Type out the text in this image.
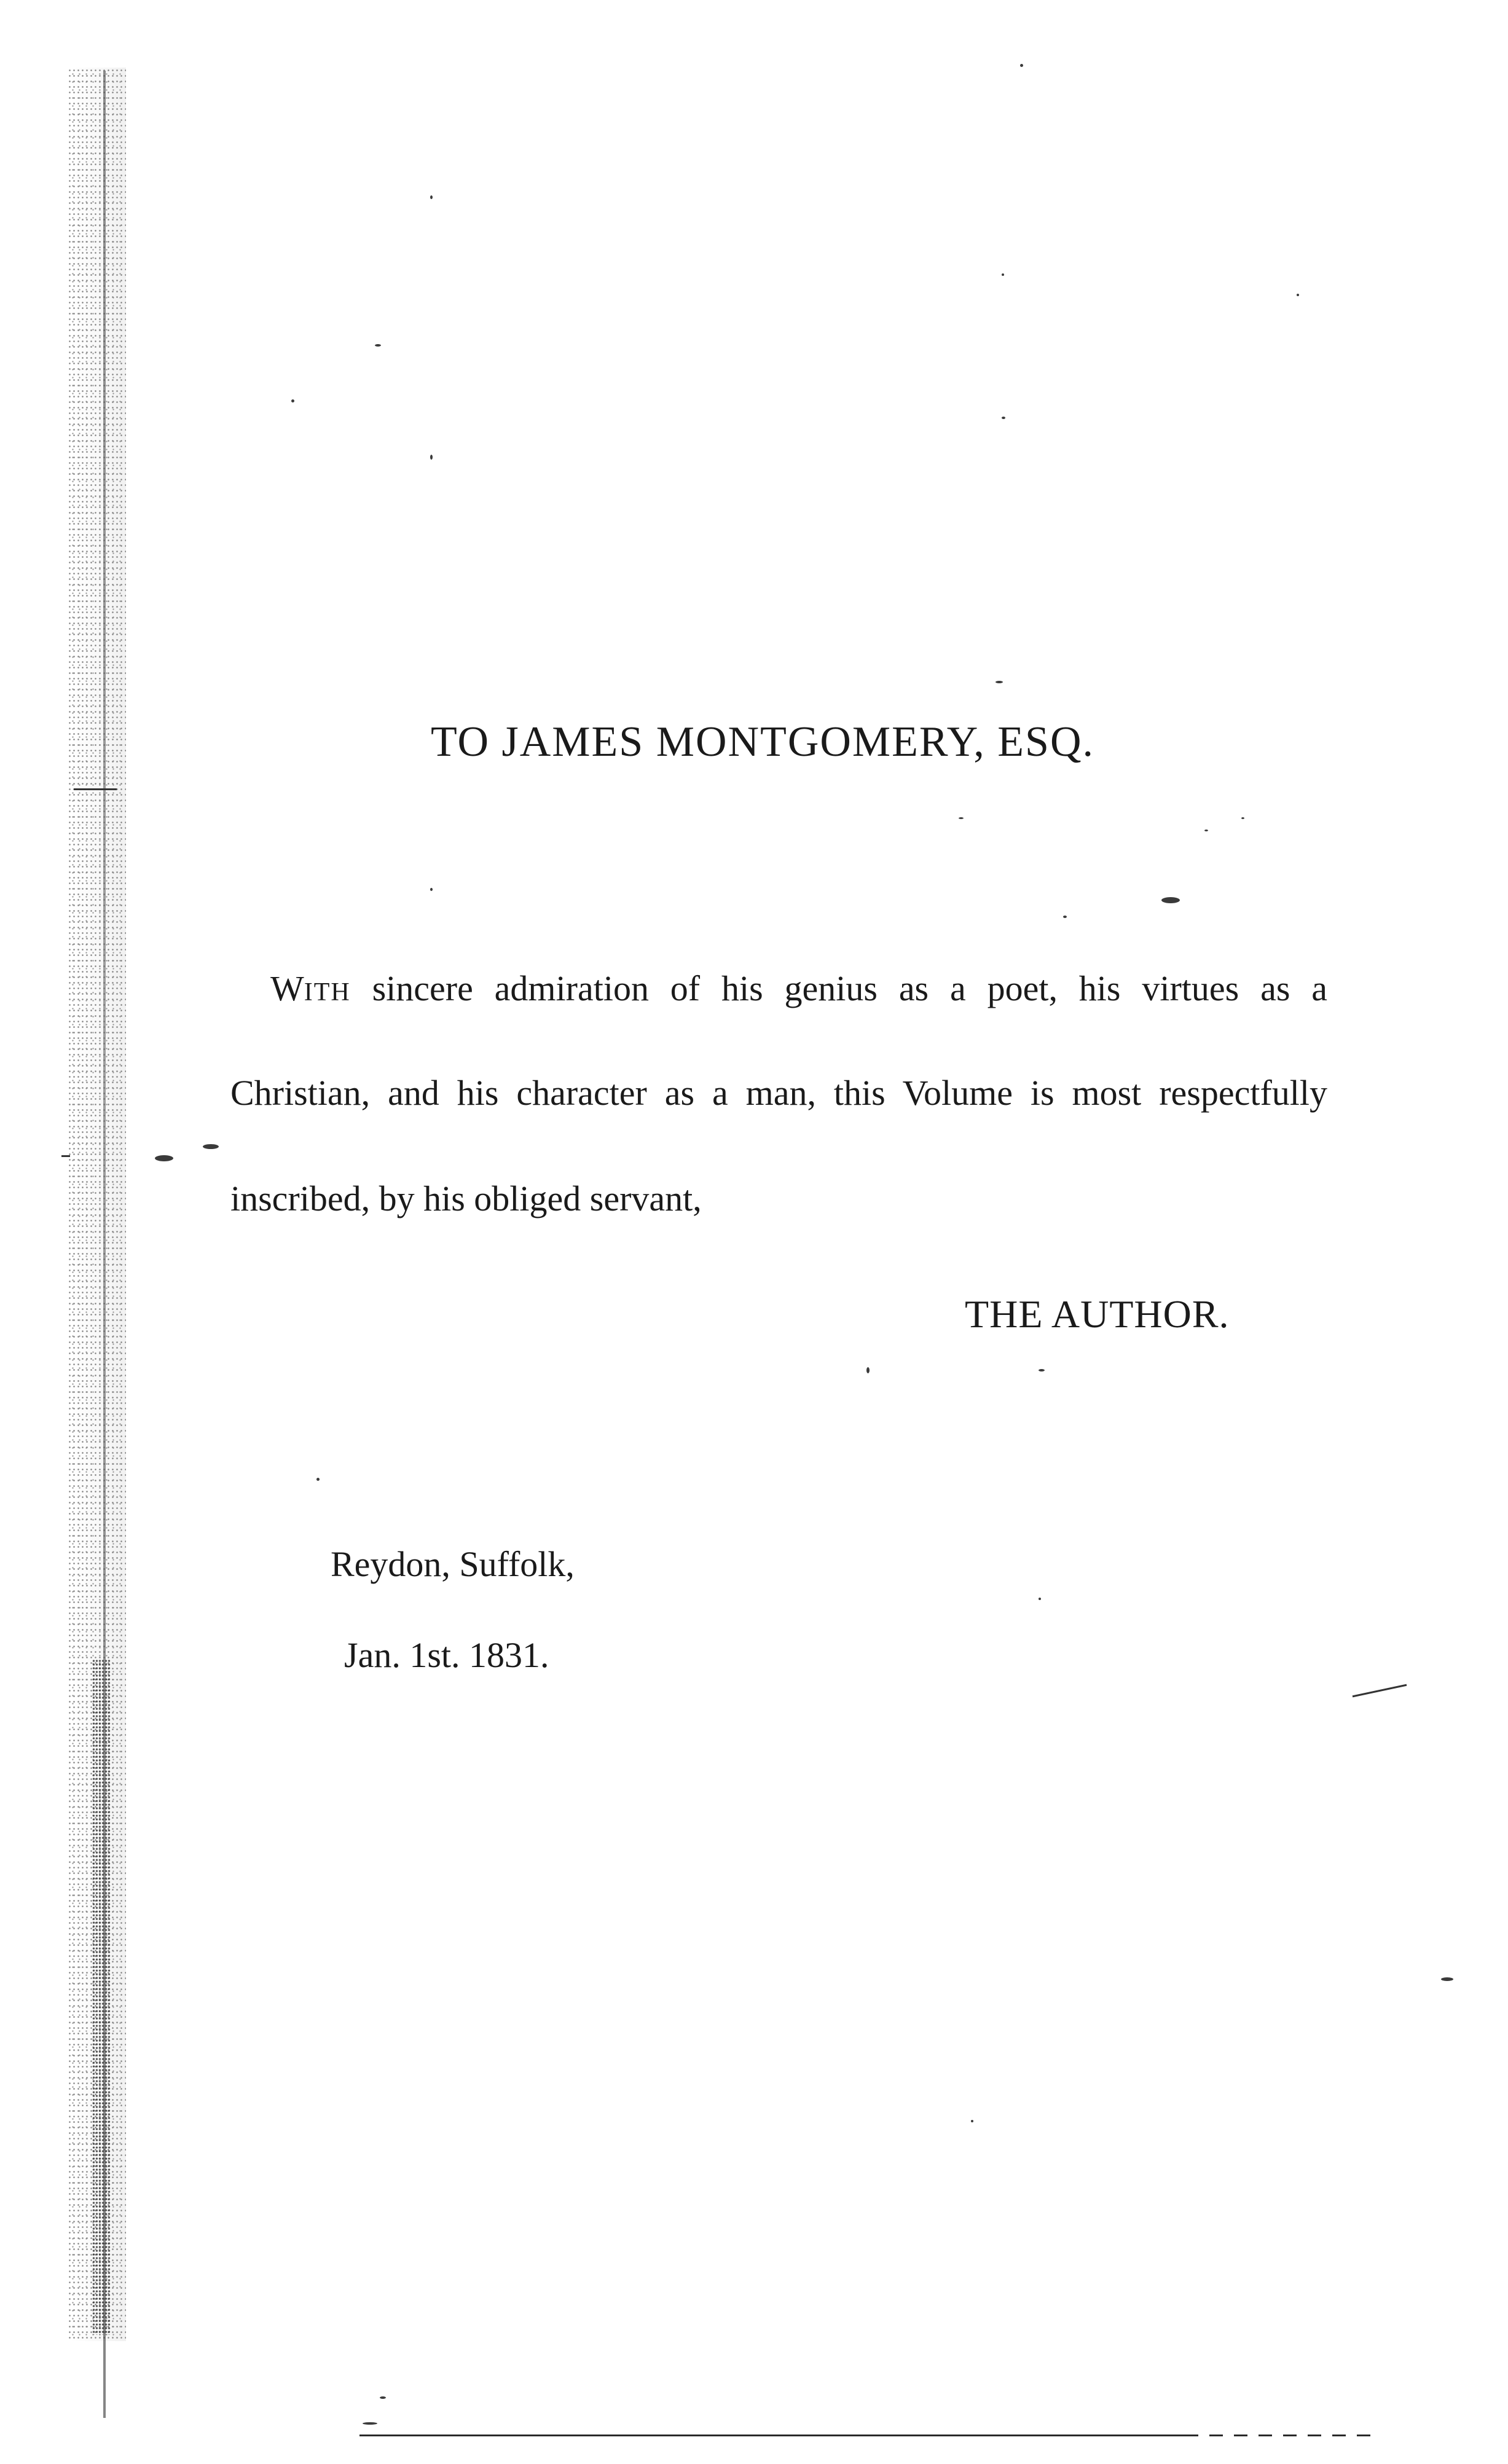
TO JAMES MONTGOMERY, ESQ.
WITH sincere admiration of his genius as a poet, his virtues as a
Christian, and his character as a man, this Volume is most respectfully
inscribed, by his obliged servant,
THE AUTHOR.
Reydon, Suffolk,
Jan. 1st. 1831.
